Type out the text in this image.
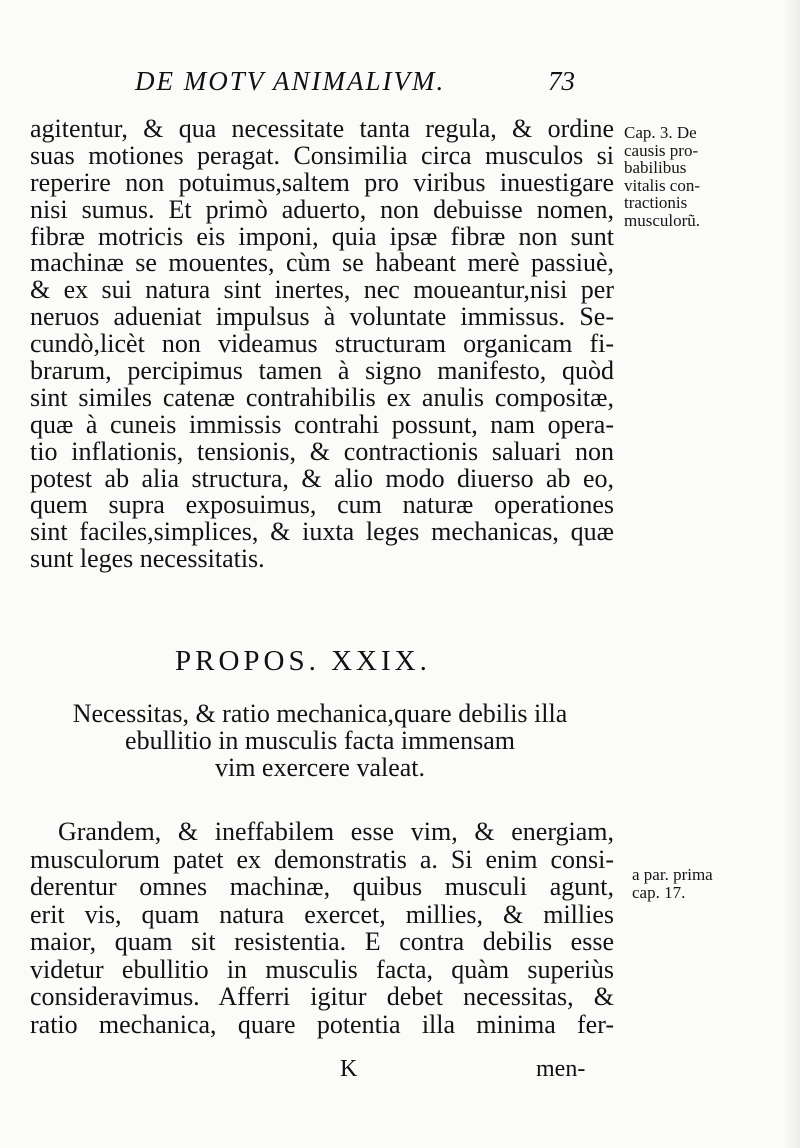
DE MOTV ANIMALIVM.	73
agitentur, & qua necessitate tanta regula, & ordine
suas motiones peragat. Consimilia circa musculos si
reperire non potuimus,saltem pro viribus inuestigare
nisi sumus. Et primò aduerto, non debuisse nomen,
fibræ motricis eis imponi, quia ipsæ fibræ non sunt
machinæ se mouentes, cùm se habeant merè passiuè,
& ex sui natura sint inertes, nec moueantur,nisi per
neruos adueniat impulsus à voluntate immissus. Se-
cundò,licèt non videamus structuram organicam fi-
brarum, percipimus tamen à signo manifesto, quòd
sint similes catenæ contrahibilis ex anulis compositæ,
quæ à cuneis immissis contrahi possunt, nam opera-
tio inflationis, tensionis, & contractionis saluari non
potest ab alia structura, & alio modo diuerso ab eo,
quem supra exposuimus, cum naturæ operationes
sint faciles,simplices, & iuxta leges mechanicas, quæ
sunt leges necessitatis.
PROPOS. XXIX.
Necessitas, & ratio mechanica,quare debilis illa
ebullitio in musculis facta immensam
vim exercere valeat.
Grandem, & ineffabilem esse vim, & energiam,
musculorum patet ex demonstratis a. Si enim consi-
derentur omnes machinæ, quibus musculi agunt,
erit vis, quam natura exercet, millies, & millies
maior, quam sit resistentia. E contra debilis esse
videtur ebullitio in musculis facta, quàm superiùs
consideravimus. Afferri igitur debet necessitas, &
ratio mechanica, quare potentia illa minima fer-
K	men-
Cap. 3. De
causis pro-
babilibus
vitalis con-
tractionis
musculorũ.
a par. prima
cap. 17.
